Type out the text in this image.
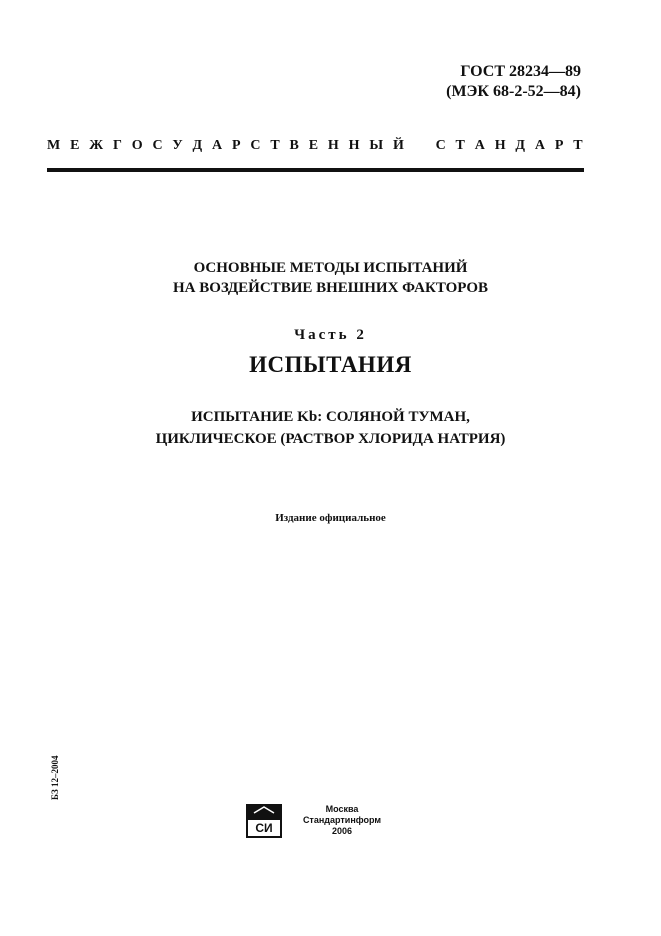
ГОСТ 28234—89
(МЭК 68-2-52—84)
М Е Ж Г О С У Д А Р С Т В Е Н Н Ы Й С Т А Н Д А Р Т
ОСНОВНЫЕ МЕТОДЫ ИСПЫТАНИЙ
НА ВОЗДЕЙСТВИЕ ВНЕШНИХ ФАКТОРОВ
Часть 2
ИСПЫТАНИЯ
ИСПЫТАНИЕ Kb: СОЛЯНОЙ ТУМАН,
ЦИКЛИЧЕСКОЕ (РАСТВОР ХЛОРИДА НАТРИЯ)
Издание официальное
БЗ 12–2004
СИ
Москва
Стандартинформ
2006
